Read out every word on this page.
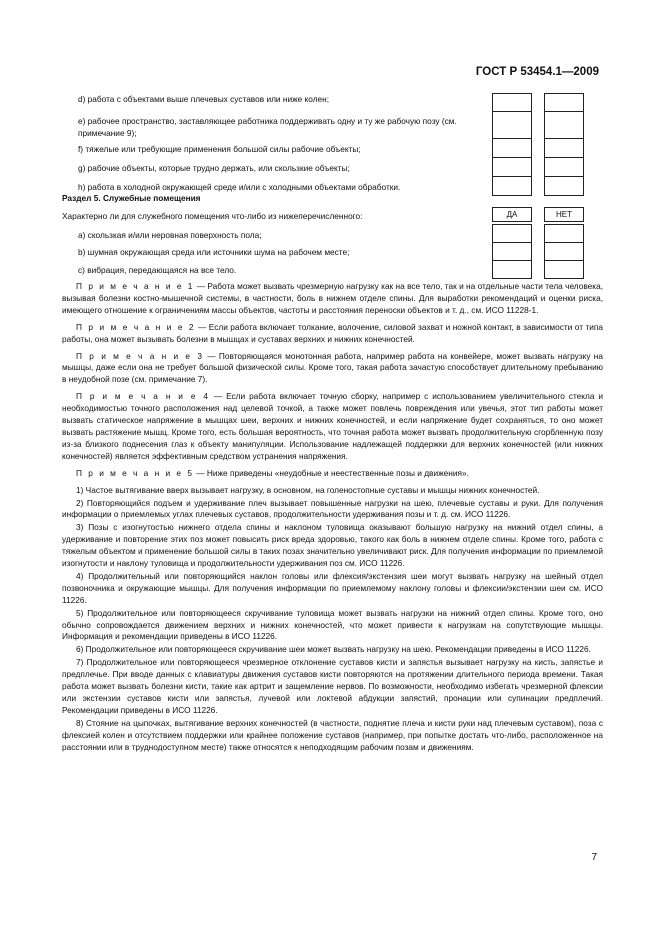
ГОСТ Р 53454.1—2009
d) работа с объектами выше плечевых суставов или ниже колен;
е) рабочее пространство, заставляющее работника поддерживать одну и ту же рабочую позу (см. примечание 9);
f) тяжелые или требующие применения большой силы рабочие объекты;
g) рабочие объекты, которые трудно держать, или скользкие объекты;
h) работа в холодной окружающей среде и/или с холодными объектами обработки.
Раздел 5. Служебные помещения
Характерно ли для служебного помещения что-либо из нижеперечисленного:	ДА	НЕТ
а) скользкая и/или неровная поверхность пола;
b) шумная окружающая среда или источники шума на рабочем месте;
с) вибрация, передающаяся на все тело.

П р и м е ч а н и е 1 — Работа может вызвать чрезмерную нагрузку как на все тело, так и на отдельные части тела человека, вызывая болезни костно-мышечной системы, в частности, боль в нижнем отделе спины. Для выработки рекомендаций и оценки риска, имеющего отношение к ограничениям массы объектов, частоты и расстояния переноски объектов и т. д., см. ИСО 11228-1.

П р и м е ч а н и е 2 — Если работа включает толкание, волочение, силовой захват и ножной контакт, в зависимости от типа работы, она может вызывать болезни в мышцах и суставах верхних и нижних конечностей.

П р и м е ч а н и е 3 — Повторяющаяся монотонная работа, например работа на конвейере, может вызвать нагрузку на мышцы, даже если она не требует большой физической силы. Кроме того, такая работа зачастую способствует длительному пребыванию в неудобной позе (см. примечание 7).

П р и м е ч а н и е 4 — Если работа включает точную сборку, например с использованием увеличительного стекла и необходимостью точного расположения над целевой точкой, а также может повлечь повреждения или увечья, этот тип работы может вызвать статическое напряжение в мышцах шеи, верхних и нижних конечностей, и если напряжение будет сохраняться, то оно может вызвать растяжение мышц. Кроме того, есть большая вероятность, что точная работа может вызвать продолжительную сгорбленную позу из-за близкого поднесения глаз к объекту манипуляции. Использование надлежащей поддержки для верхних конечностей (или нижних конечностей) является эффективным средством устранения напряжения.

П р и м е ч а н и е 5 — Ниже приведены «неудобные и неестественные позы и движения».

1) Частое вытягивание вверх вызывает нагрузку, в основном, на голеностопные суставы и мышцы нижних конечностей.

2) Повторяющийся подъем и удерживание плеч вызывает повышенные нагрузки на шею, плечевые суставы и руки. Для получения информации о приемлемых углах плечевых суставов, продолжительности удерживания позы и т. д. см. ИСО 11226.

3) Позы с изогнутостью нижнего отдела спины и наклоном туловища оказывают большую нагрузку на нижний отдел спины, а удерживание и повторение этих поз может повысить риск вреда здоровью, такого как боль в нижнем отделе спины. Кроме того, работа с тяжелым объектом и применение большой силы в таких позах значительно увеличивают риск. Для получения информации по приемлемой изогнутости и наклону туловища и продолжительности удерживания поз см. ИСО 11226.

4) Продолжительный или повторяющийся наклон головы или флексия/экстензия шеи могут вызвать нагрузку на шейный отдел позвоночника и окружающие мышцы. Для получения информации по приемлемому наклону головы и флексии/экстензии шеи см. ИСО 11226.

5) Продолжительное или повторяющееся скручивание туловища может вызвать нагрузки на нижний отдел спины. Кроме того, оно обычно сопровождается движением верхних и нижних конечностей, что может привести к нагрузкам на сопутствующие мышцы. Информация и рекомендации приведены в ИСО 11226.

6) Продолжительное или повторяющееся скручивание шеи может вызвать нагрузку на шею. Рекомендации приведены в ИСО 11226.

7) Продолжительное или повторяющееся чрезмерное отклонение суставов кисти и запястья вызывает нагрузку на кисть, запястье и предплечье. При вводе данных с клавиатуры движения суставов кисти повторяются на протяжении длительного периода времени. Такая работа может вызвать болезни кисти, такие как артрит и защемление нервов. По возможности, необходимо избегать чрезмерной флексии или экстензии суставов кисти или запястья, лучевой или локтевой абдукции запястий, пронации или супинации предплечий. Рекомендации приведены в ИСО 11226.

8) Стояние на цыпочках, вытягивание верхних конечностей (в частности, поднятие плеча и кисти руки над плечевым суставом), поза с флексией колен и отсутствием поддержки или крайнее положение суставов (например, при попытке достать что-либо, расположенное на расстоянии или в труднодоступном месте) также относятся к неподходящим рабочим позам и движениям.

7
